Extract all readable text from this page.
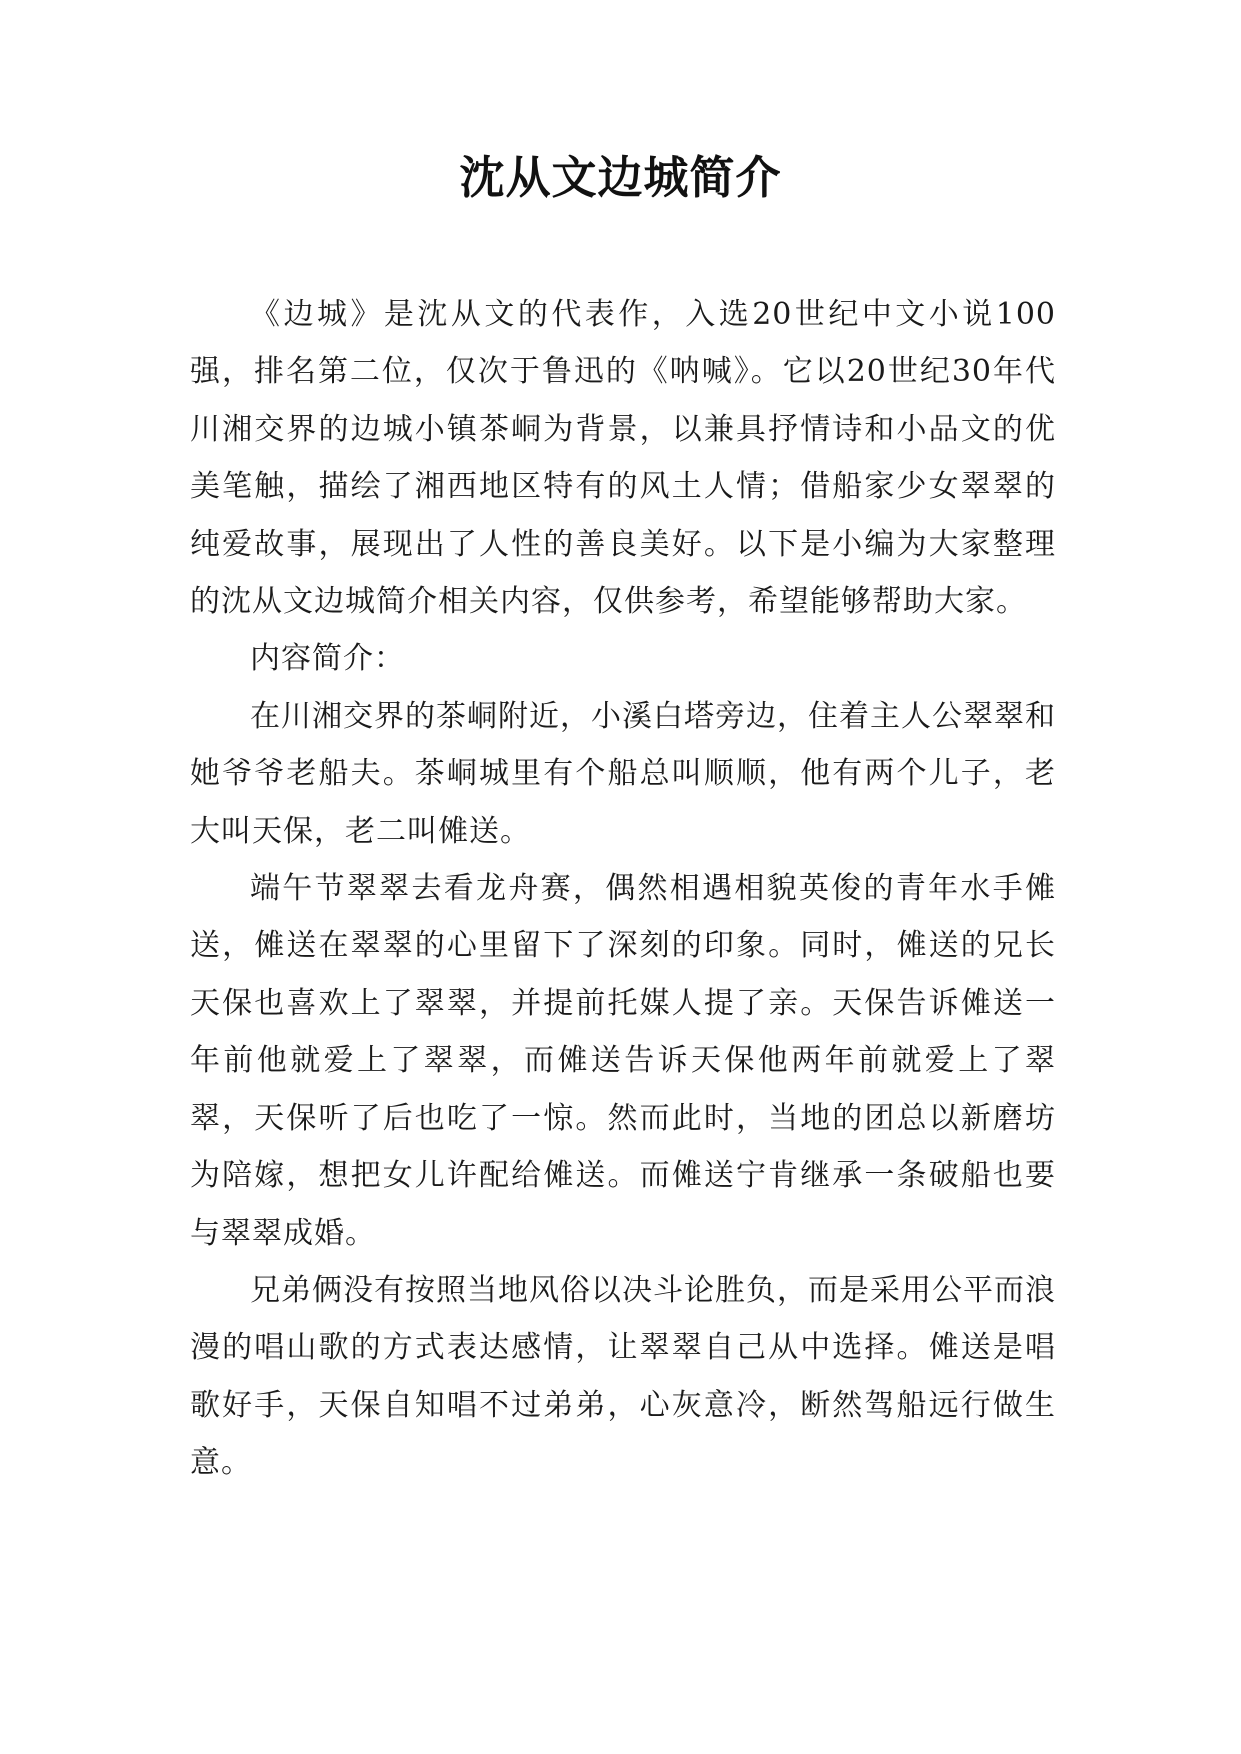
沈从文边城简介

《边城》是沈从文的代表作，入选20世纪中文小说100强，排名第二位，仅次于鲁迅的《呐喊》。它以20世纪30年代川湘交界的边城小镇茶峒为背景，以兼具抒情诗和小品文的优美笔触，描绘了湘西地区特有的风土人情；借船家少女翠翠的纯爱故事，展现出了人性的善良美好。以下是小编为大家整理的沈从文边城简介相关内容，仅供参考，希望能够帮助大家。

内容简介：

在川湘交界的茶峒附近，小溪白塔旁边，住着主人公翠翠和她爷爷老船夫。茶峒城里有个船总叫顺顺，他有两个儿子，老大叫天保，老二叫傩送。

端午节翠翠去看龙舟赛，偶然相遇相貌英俊的青年水手傩送，傩送在翠翠的心里留下了深刻的印象。同时，傩送的兄长天保也喜欢上了翠翠，并提前托媒人提了亲。天保告诉傩送一年前他就爱上了翠翠，而傩送告诉天保他两年前就爱上了翠翠，天保听了后也吃了一惊。然而此时，当地的团总以新磨坊为陪嫁，想把女儿许配给傩送。而傩送宁肯继承一条破船也要与翠翠成婚。

兄弟俩没有按照当地风俗以决斗论胜负，而是采用公平而浪漫的唱山歌的方式表达感情，让翠翠自己从中选择。傩送是唱歌好手，天保自知唱不过弟弟，心灰意冷，断然驾船远行做生意。
